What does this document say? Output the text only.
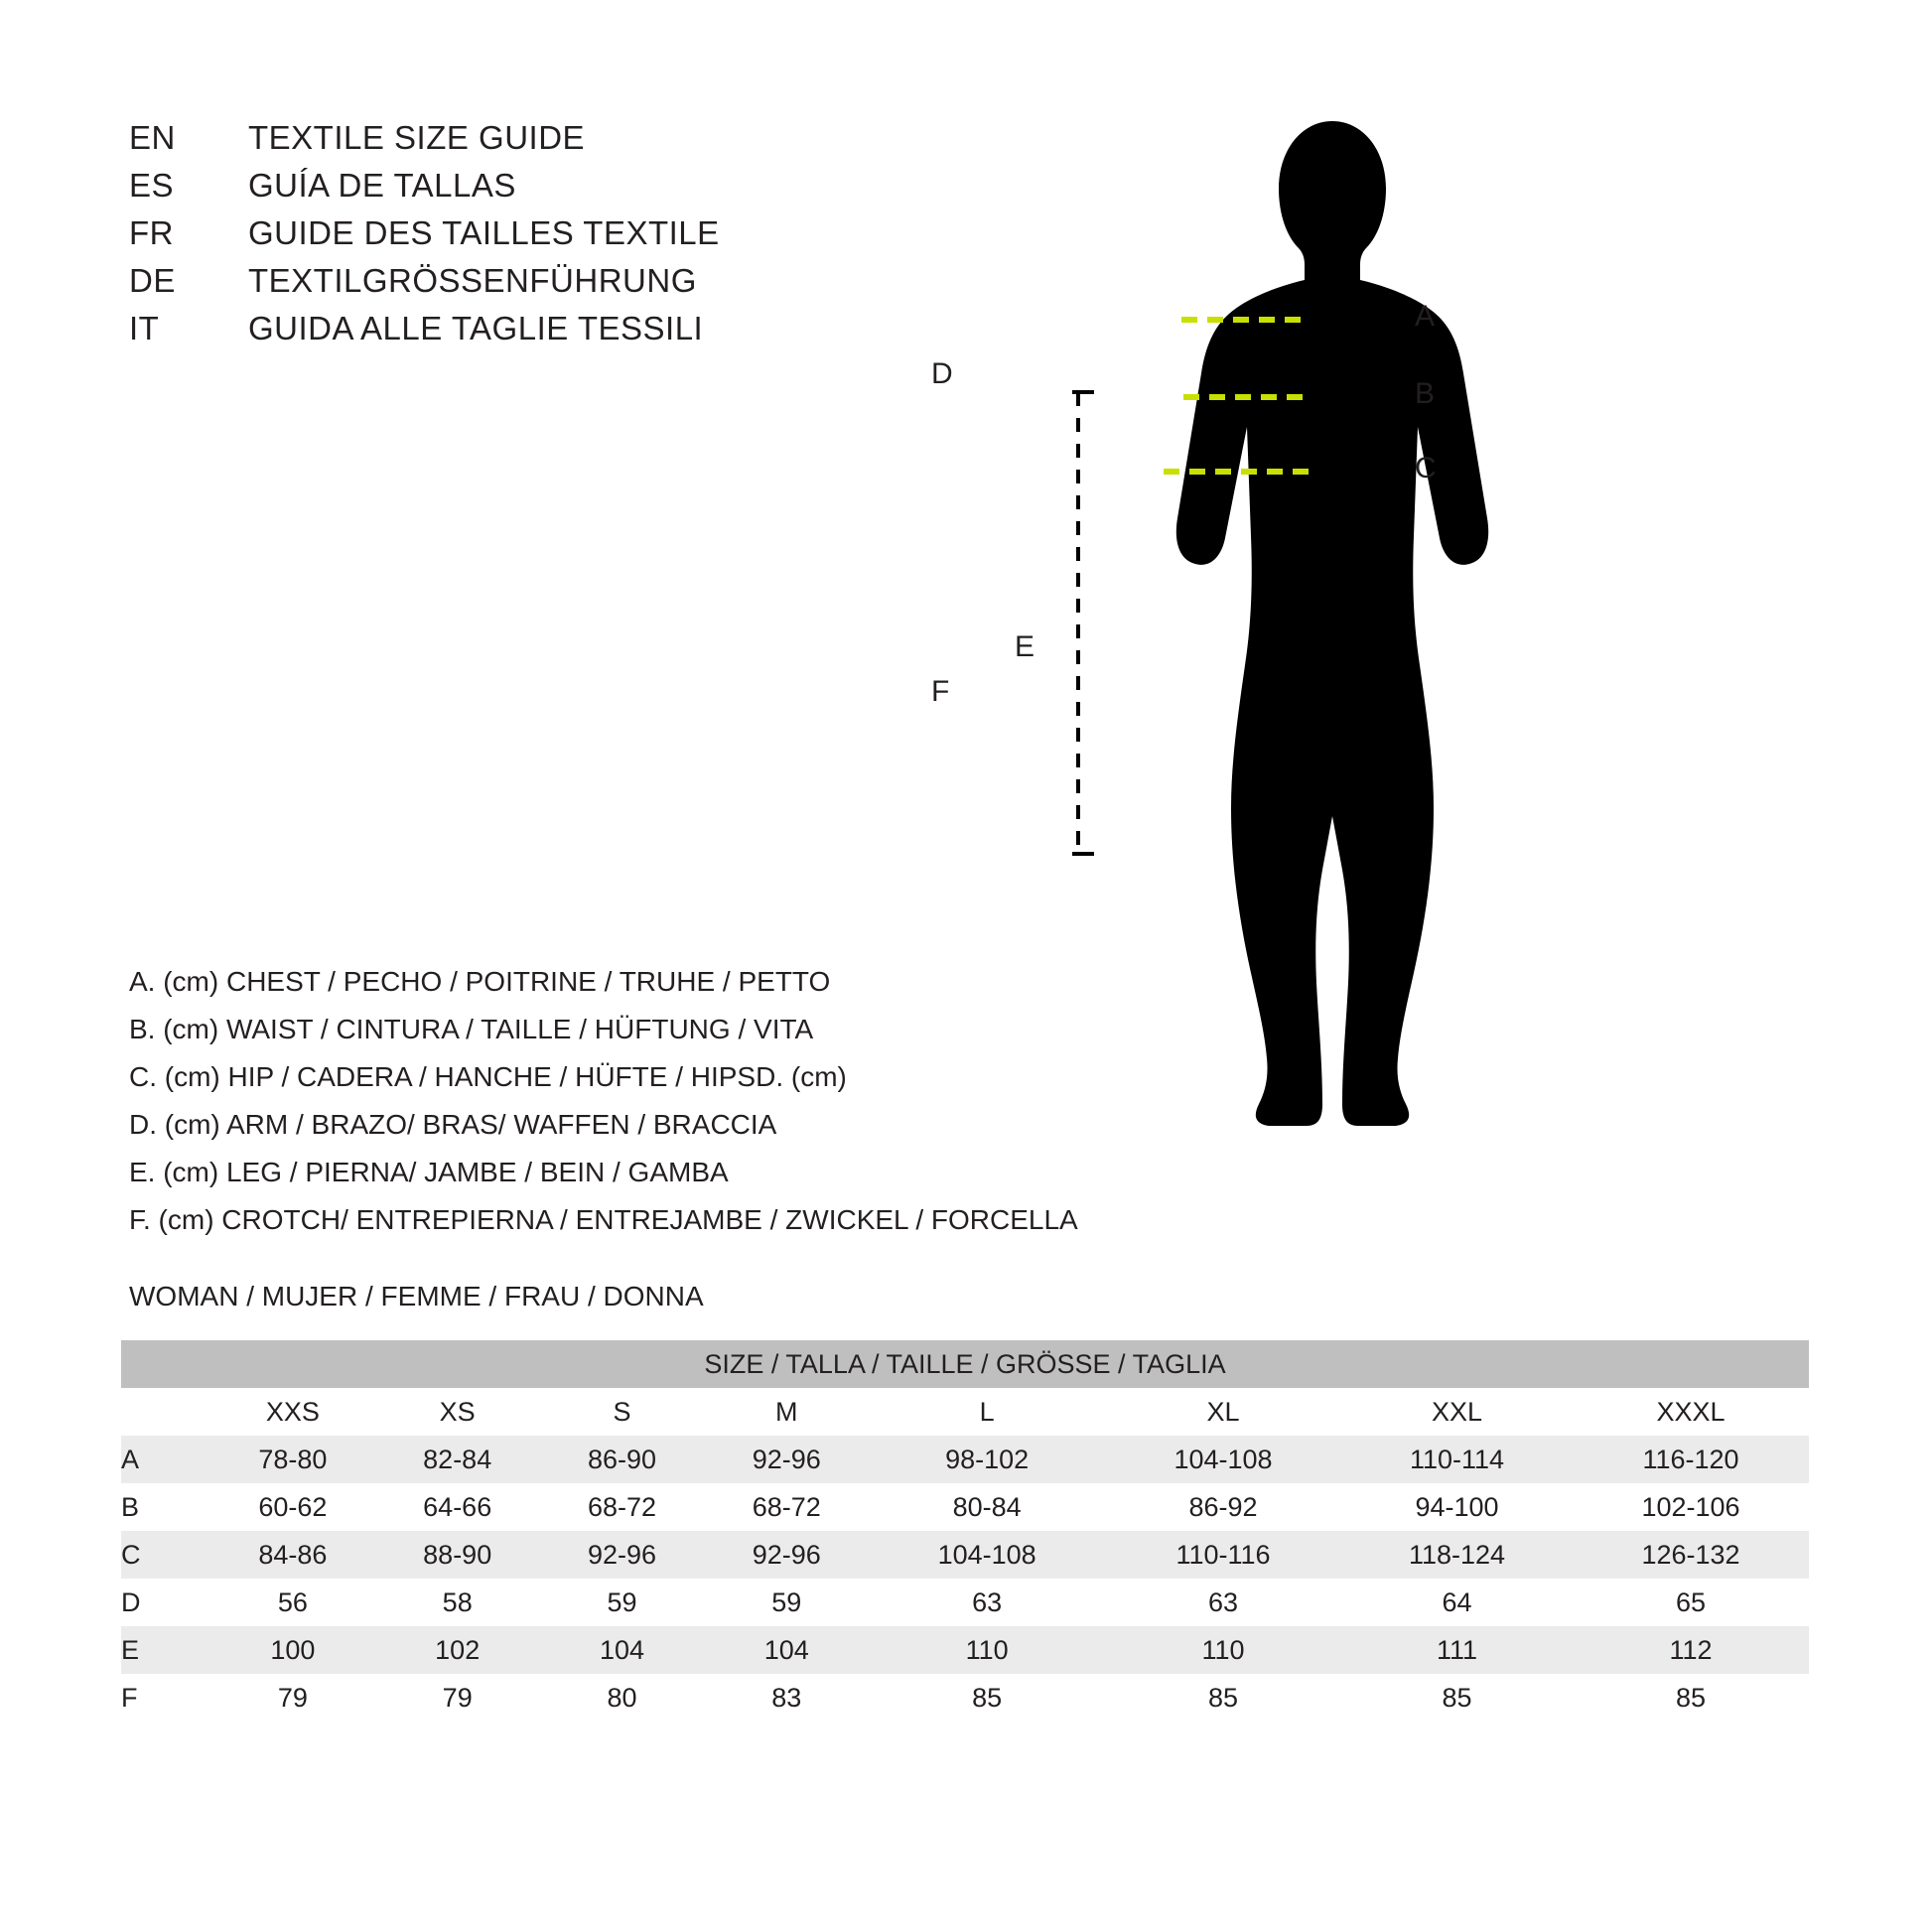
EN	TEXTILE SIZE GUIDE
ES	GUÍA DE TALLAS
FR	GUIDE DES TAILLES TEXTILE
DE	TEXTILGRÖSSENFÜHRUNG
IT	GUIDA ALLE TAGLIE TESSILI	A
B
C
D
E
F
A. (cm) CHEST / PECHO / POITRINE / TRUHE / PETTO
B. (cm) WAIST / CINTURA / TAILLE / HÜFTUNG / VITA
C. (cm) HIP / CADERA / HANCHE / HÜFTE / HIPSD. (cm)
D. (cm) ARM / BRAZO/ BRAS/ WAFFEN / BRACCIA
E. (cm) LEG / PIERNA/ JAMBE / BEIN / GAMBA
F. (cm) CROTCH/ ENTREPIERNA / ENTREJAMBE / ZWICKEL / FORCELLA
WOMAN / MUJER / FEMME / FRAU / DONNA
SIZE / TALLA / TAILLE / GRÖSSE / TAGLIA								
	XXS	XS	S	M	L	XL	XXL	XXXL
A	78-80	82-84	86-90	92-96	98-102	104-108	110-114	116-120
B	60-62	64-66	68-72	68-72	80-84	86-92	94-100	102-106
C	84-86	88-90	92-96	92-96	104-108	110-116	118-124	126-132
D	56	58	59	59	63	63	64	65
E	100	102	104	104	110	110	111	112
F	79	79	80	83	85	85	85	85
